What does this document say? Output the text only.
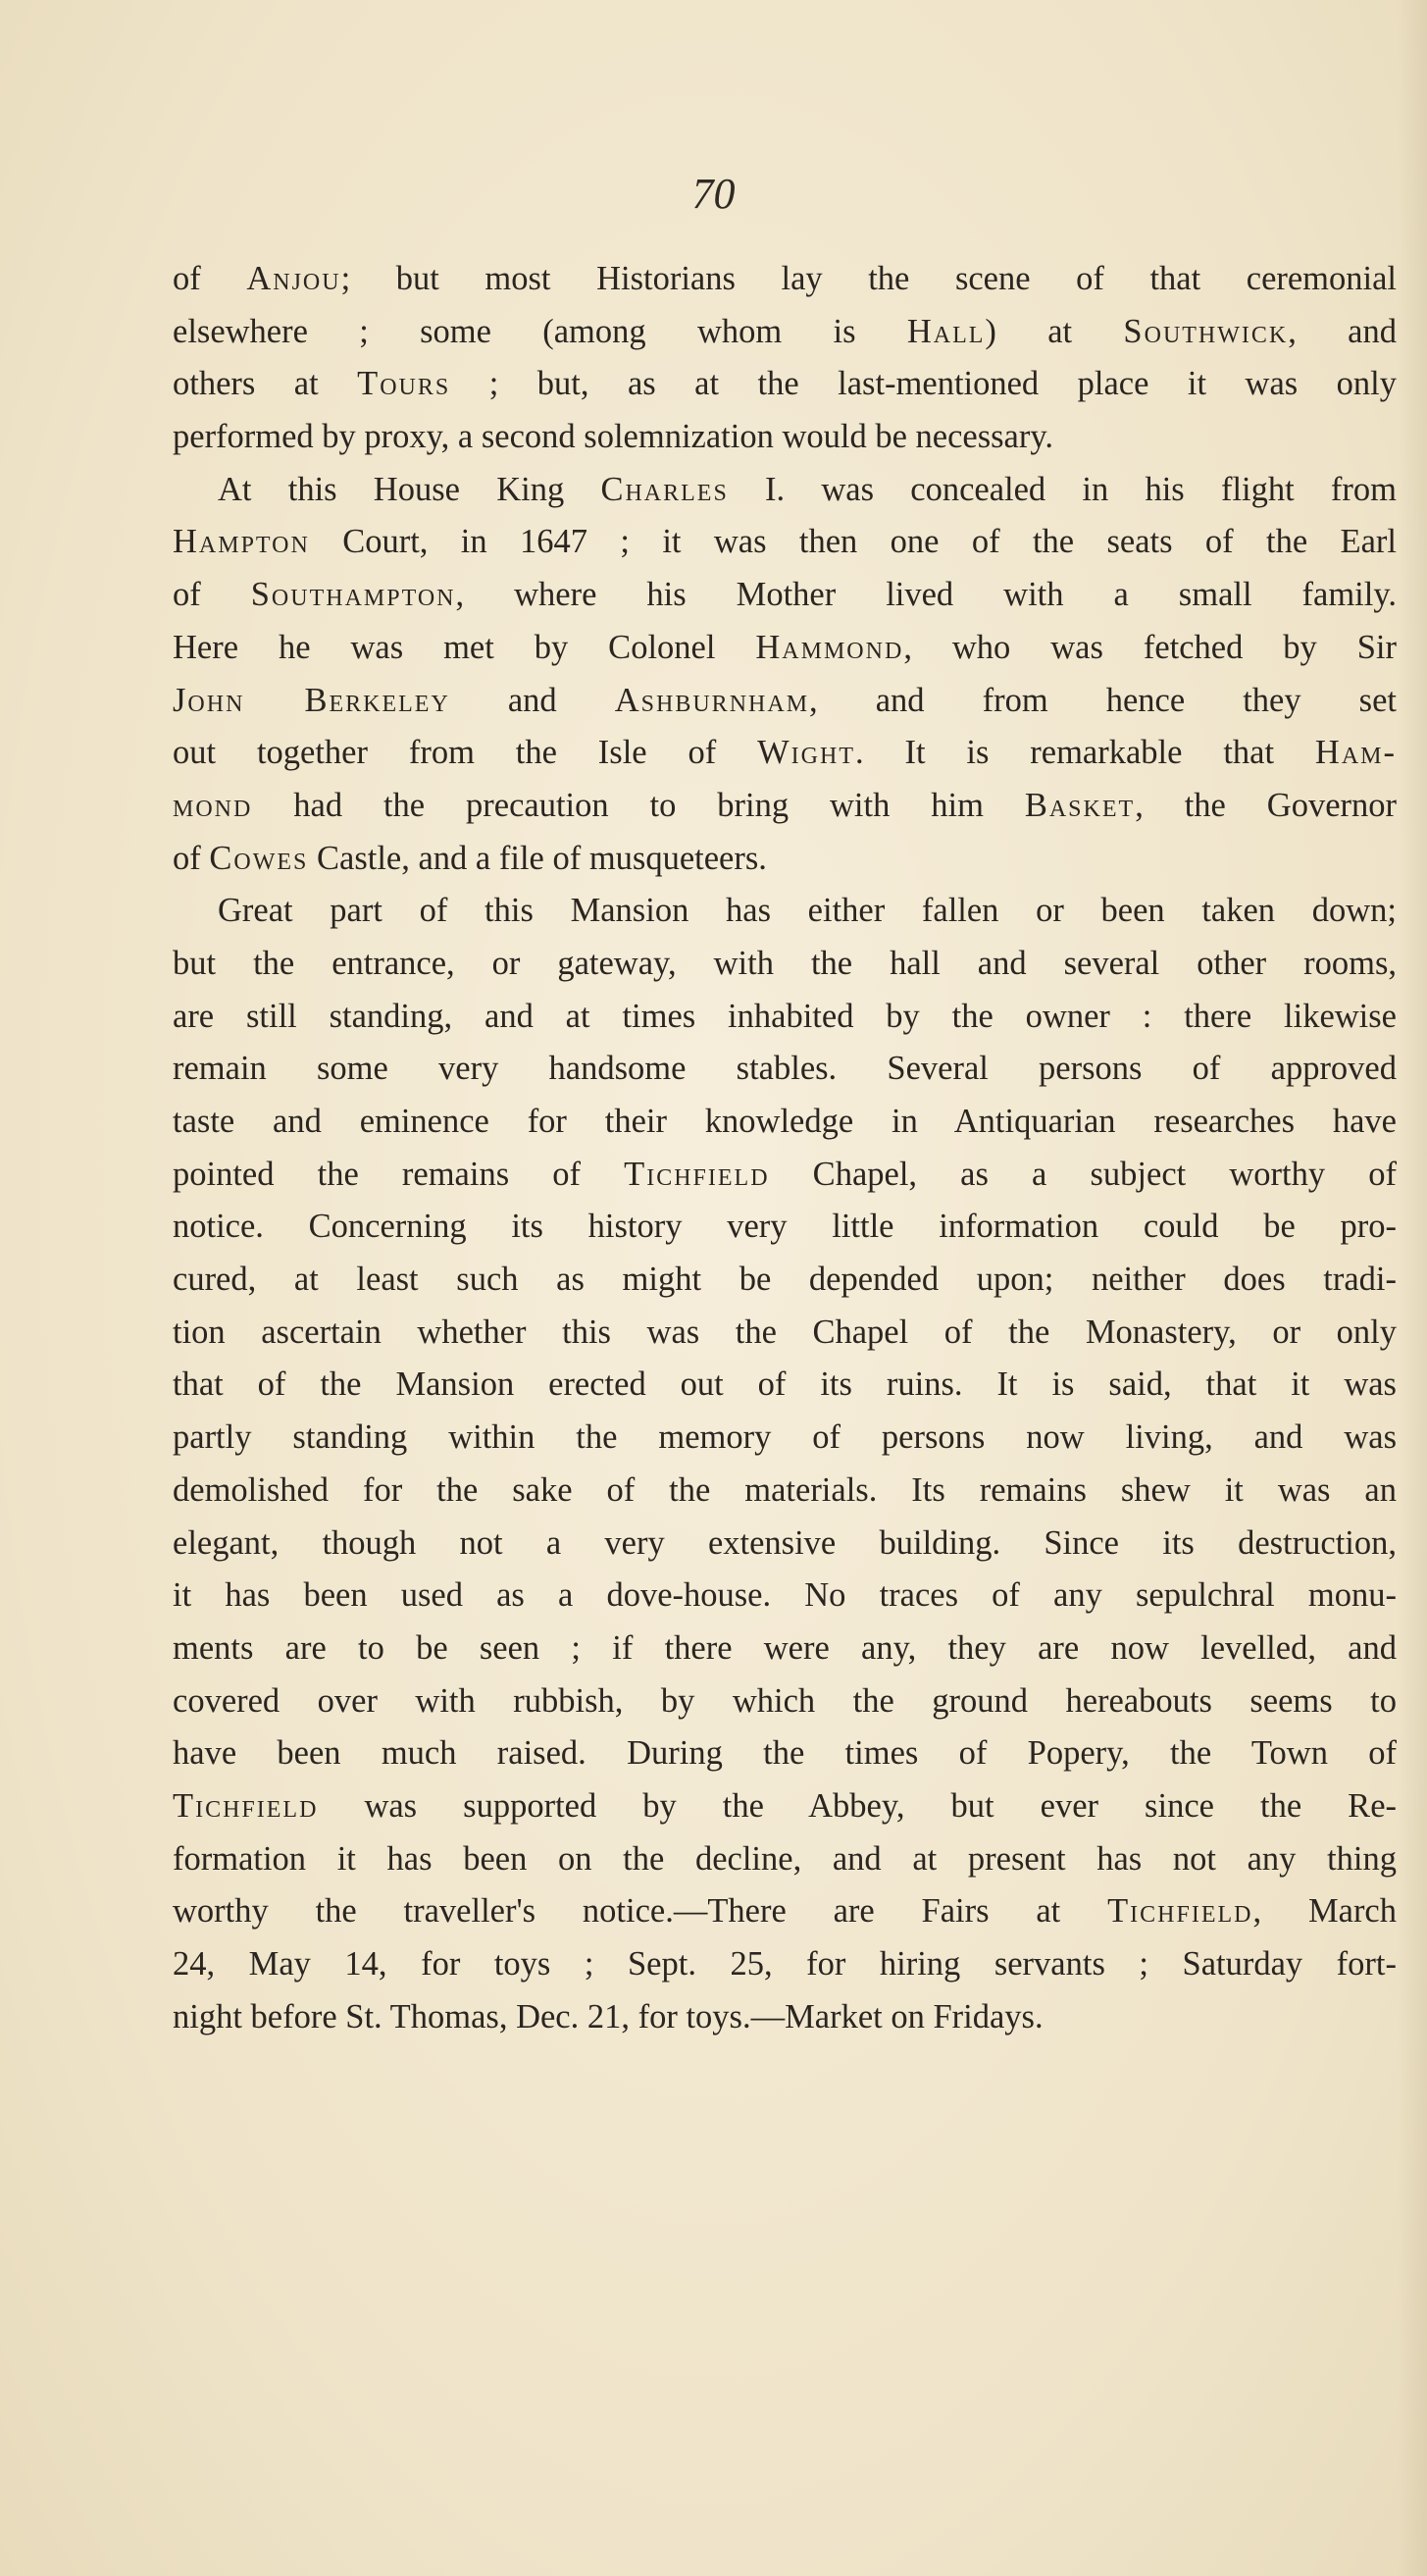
70
of Anjou; but most Historians lay the scene of that ceremonial
elsewhere ; some (among whom is Hall) at Southwick, and
others at Tours ; but, as at the last-mentioned place it was only
performed by proxy, a second solemnization would be necessary.
At this House King Charles I. was concealed in his flight from
Hampton Court, in 1647 ; it was then one of the seats of the Earl
of Southampton, where his Mother lived with a small family.
Here he was met by Colonel Hammond, who was fetched by Sir
John Berkeley and Ashburnham, and from hence they set
out together from the Isle of Wight. It is remarkable that Ham-
mond had the precaution to bring with him Basket, the Governor
of Cowes Castle, and a file of musqueteers.
Great part of this Mansion has either fallen or been taken down;
but the entrance, or gateway, with the hall and several other rooms,
are still standing, and at times inhabited by the owner : there likewise
remain some very handsome stables. Several persons of approved
taste and eminence for their knowledge in Antiquarian researches have
pointed the remains of Tichfield Chapel, as a subject worthy of
notice. Concerning its history very little information could be pro-
cured, at least such as might be depended upon; neither does tradi-
tion ascertain whether this was the Chapel of the Monastery, or only
that of the Mansion erected out of its ruins. It is said, that it was
partly standing within the memory of persons now living, and was
demolished for the sake of the materials. Its remains shew it was an
elegant, though not a very extensive building. Since its destruction,
it has been used as a dove-house. No traces of any sepulchral monu-
ments are to be seen ; if there were any, they are now levelled, and
covered over with rubbish, by which the ground hereabouts seems to
have been much raised. During the times of Popery, the Town of
Tichfield was supported by the Abbey, but ever since the Re-
formation it has been on the decline, and at present has not any thing
worthy the traveller's notice.—There are Fairs at Tichfield, March
24, May 14, for toys ; Sept. 25, for hiring servants ; Saturday fort-
night before St. Thomas, Dec. 21, for toys.—Market on Fridays.
